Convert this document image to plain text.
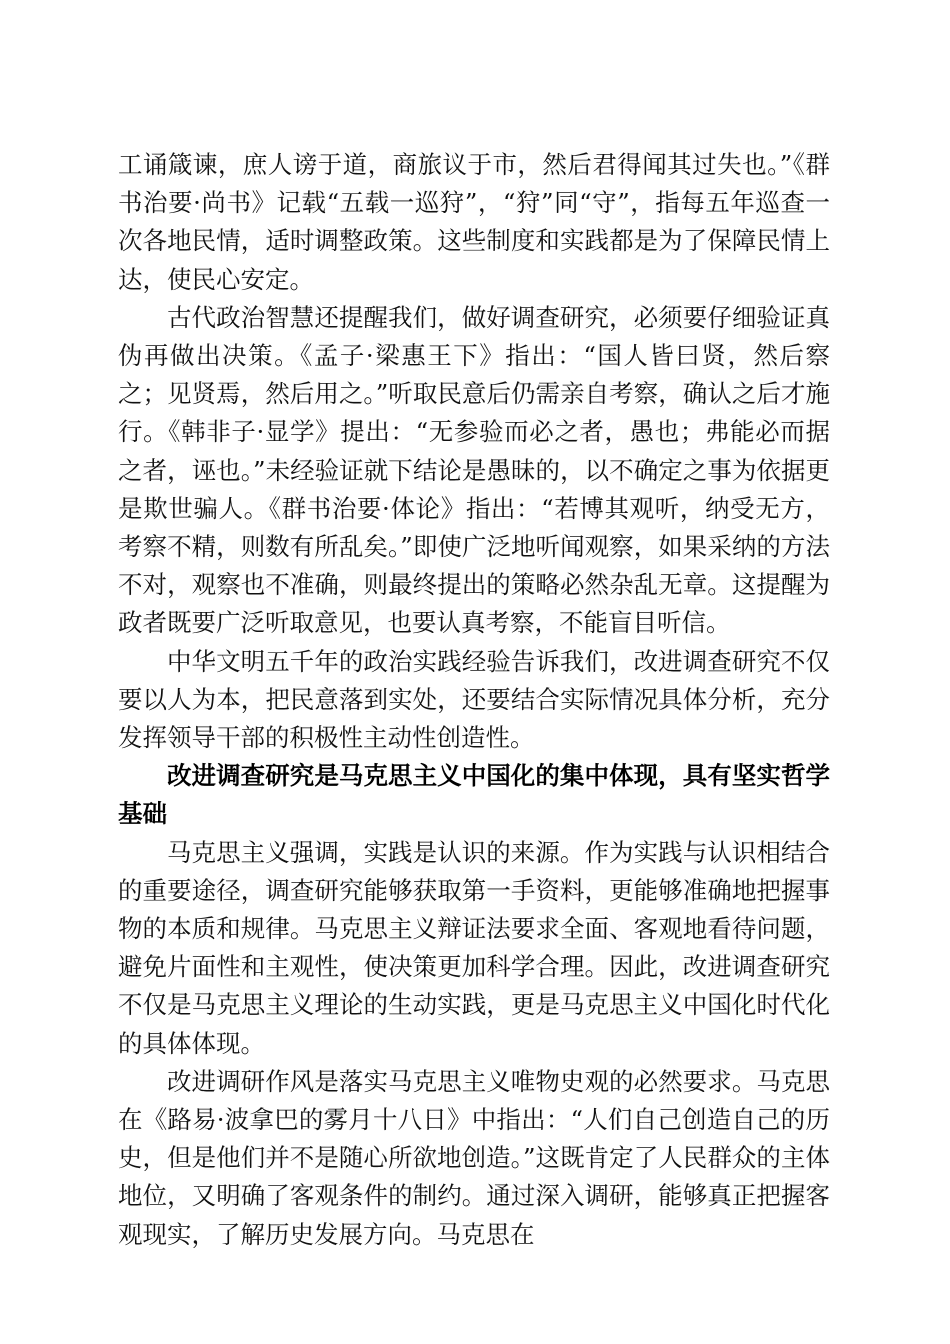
工诵箴谏，庶人谤于道，商旅议于市，然后君得闻其过失也。”《群书治要·尚书》记载“五载一巡狩”，“狩”同“守”，指每五年巡查一次各地民情，适时调整政策。这些制度和实践都是为了保障民情上达，使民心安定。

古代政治智慧还提醒我们，做好调查研究，必须要仔细验证真伪再做出决策。《孟子·梁惠王下》指出：“国人皆曰贤，然后察之；见贤焉，然后用之。”听取民意后仍需亲自考察，确认之后才施行。《韩非子·显学》提出：“无参验而必之者，愚也；弗能必而据之者，诬也。”未经验证就下结论是愚昧的，以不确定之事为依据更是欺世骗人。《群书治要·体论》指出：“若博其观听，纳受无方，考察不精，则数有所乱矣。”即使广泛地听闻观察，如果采纳的方法不对，观察也不准确，则最终提出的策略必然杂乱无章。这提醒为政者既要广泛听取意见，也要认真考察，不能盲目听信。

中华文明五千年的政治实践经验告诉我们，改进调查研究不仅要以人为本，把民意落到实处，还要结合实际情况具体分析，充分发挥领导干部的积极性主动性创造性。

改进调查研究是马克思主义中国化的集中体现，具有坚实哲学基础

马克思主义强调，实践是认识的来源。作为实践与认识相结合的重要途径，调查研究能够获取第一手资料，更能够准确地把握事物的本质和规律。马克思主义辩证法要求全面、客观地看待问题，避免片面性和主观性，使决策更加科学合理。因此，改进调查研究不仅是马克思主义理论的生动实践，更是马克思主义中国化时代化的具体体现。

改进调研作风是落实马克思主义唯物史观的必然要求。马克思在《路易·波拿巴的雾月十八日》中指出：“人们自己创造自己的历史，但是他们并不是随心所欲地创造。”这既肯定了人民群众的主体地位，又明确了客观条件的制约。通过深入调研，能够真正把握客观现实，了解历史发展方向。马克思在
